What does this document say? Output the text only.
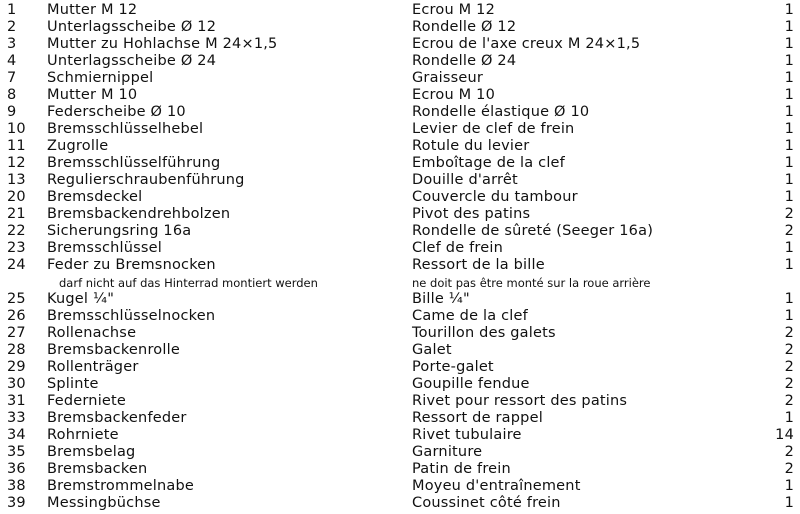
1 Mutter M 12	Ecrou M 12	1
2 Unterlagsscheibe Ø 12	Rondelle Ø 12	1
3 Mutter zu Hohlachse M 24×1,5	Ecrou de l'axe creux M 24×1,5	1
4 Unterlagsscheibe Ø 24	Rondelle Ø 24	1
7 Schmiernippel	Graisseur	1
8 Mutter M 10	Ecrou M 10	1
9 Federscheibe Ø 10	Rondelle élastique Ø 10	1
10 Bremsschlüsselhebel	Levier de clef de frein	1
11 Zugrolle	Rotule du levier	1
12 Bremsschlüsselführung	Emboîtage de la clef	1
13 Regulierschraubenführung	Douille d'arrêt	1
20 Bremsdeckel	Couvercle du tambour	1
21 Bremsbackendrehbolzen	Pivot des patins	2
22 Sicherungsring 16a	Rondelle de sûreté (Seeger 16a)	2
23 Bremsschlüssel	Clef de frein	1
24 Feder zu Bremsnocken	Ressort de la bille	1
darf nicht auf das Hinterrad montiert werden	ne doit pas être monté sur la roue arrière
25 Kugel ¼"	Bille ¼"	1
26 Bremsschlüsselnocken	Came de la clef	1
27 Rollenachse	Tourillon des galets	2
28 Bremsbackenrolle	Galet	2
29 Rollenträger	Porte-galet	2
30 Splinte	Goupille fendue	2
31 Federniete	Rivet pour ressort des patins	2
33 Bremsbackenfeder	Ressort de rappel	1
34 Rohrniete	Rivet tubulaire	14
35 Bremsbelag	Garniture	2
36 Bremsbacken	Patin de frein	2
38 Bremstrommelnabe	Moyeu d'entraînement	1
39 Messingbüchse	Coussinet côté frein	1
